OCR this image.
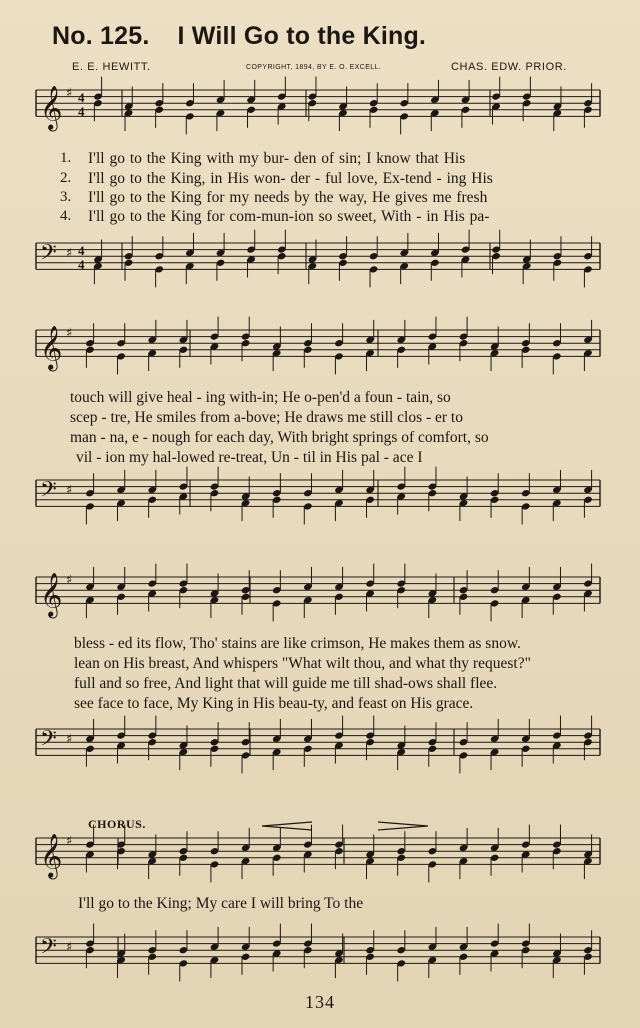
No. 125. I Will Go to the King.
E. E. HEWITT.	COPYRIGHT, 1894, BY E. O. EXCELL.	CHAS. EDW. PRIOR.
𝄞 ♯ 4
4
𝄢 ♯ 4
4
𝄞 ♯
𝄢 ♯
𝄞 ♯
𝄢 ♯
𝄞 ♯
𝄢 ♯
1.
2.
3.
4.
I'll go to the King with my bur- den of sin; I know that His
I'll go to the King, in His won- der - ful love, Ex-tend - ing His
I'll go to the King for my needs by the way, He gives me fresh
I'll go to the King for com-mun-ion so sweet, With - in His pa-
touch will give heal - ing with-in; He o-pen'd a foun - tain, so
scep - tre, He smiles from a-bove; He draws me still clos - er to
man - na, e - nough for each day, With bright springs of comfort, so
vil - ion my hal-lowed re-treat, Un - til in His pal - ace I
bless - ed its flow, Tho' stains are like crimson, He makes them as snow.
lean on His breast, And whispers "What wilt thou, and what thy request?"
full and so free, And light that will guide me till shad-ows shall flee.
see face to face, My King in His beau-ty, and feast on His grace.
CHORUS.
I'll go to the King; My care I will bring To the
134
